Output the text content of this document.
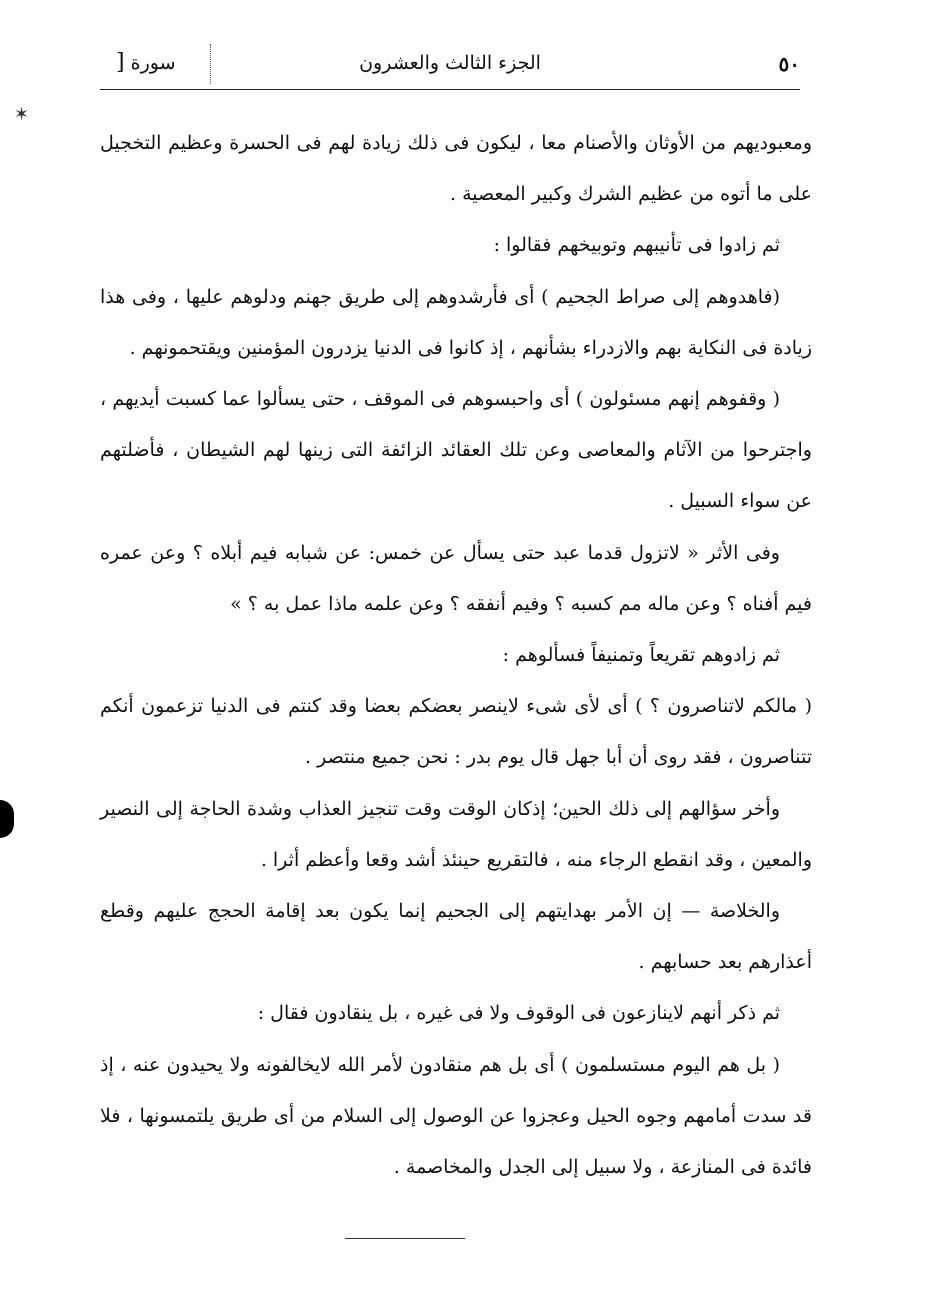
✶
٥٠
الجزء الثالث والعشرون
سورة [

ومعبوديهم من الأوثان والأصنام معا ، ليكون فى ذلك زيادة لهم فى الحسرة وعظيم التخجيل على ما أتوه من عظيم الشرك وكبير المعصية .

ثم زادوا فى تأنيبهم وتوبيخهم فقالوا :

(فاهدوهم إلى صراط الجحيم ) أى فأرشدوهم إلى طريق جهنم ودلوهم عليها ، وفى هذا زيادة فى النكاية بهم والازدراء بشأنهم ، إذ كانوا فى الدنيا يزدرون المؤمنين ويقتحمونهم .

( وقفوهم إنهم مسئولون ) أى واحبسوهم فى الموقف ، حتى يسألوا عما كسبت أيديهم ، واجترحوا من الآثام والمعاصى وعن تلك العقائد الزائفة التى زينها لهم الشيطان ، فأضلتهم عن سواء السبيل .

وفى الأثر « لاتزول قدما عبد حتى يسأل عن خمس: عن شبابه فيم أبلاه ؟ وعن عمره فيم أفناه ؟ وعن ماله مم كسبه ؟ وفيم أنفقه ؟ وعن علمه ماذا عمل به ؟ »

ثم زادوهم تقريعاً وتمنيفاً فسألوهم :

( مالكم لاتناصرون ؟ ) أى لأى شىء لاينصر بعضكم بعضا وقد كنتم فى الدنيا تزعمون أنكم تتناصرون ، فقد روى أن أبا جهل قال يوم بدر : نحن جميع منتصر .

وأخر سؤالهم إلى ذلك الحين؛ إذكان الوقت وقت تنجيز العذاب وشدة الحاجة إلى النصير والمعين ، وقد انقطع الرجاء منه ، فالتقريع حينئذ أشد وقعا وأعظم أثرا .

والخلاصة — إن الأمر بهدايتهم إلى الجحيم إنما يكون بعد إقامة الحجج عليهم وقطع أعذارهم بعد حسابهم .

ثم ذكر أنهم لاينازعون فى الوقوف ولا فى غيره ، بل ينقادون فقال :

( بل هم اليوم مستسلمون ) أى بل هم منقادون لأمر الله لايخالفونه ولا يحيدون عنه ، إذ قد سدت أمامهم وجوه الحيل وعجزوا عن الوصول إلى السلام من أى طريق يلتمسونها ، فلا فائدة فى المنازعة ، ولا سبيل إلى الجدل والمخاصمة .
